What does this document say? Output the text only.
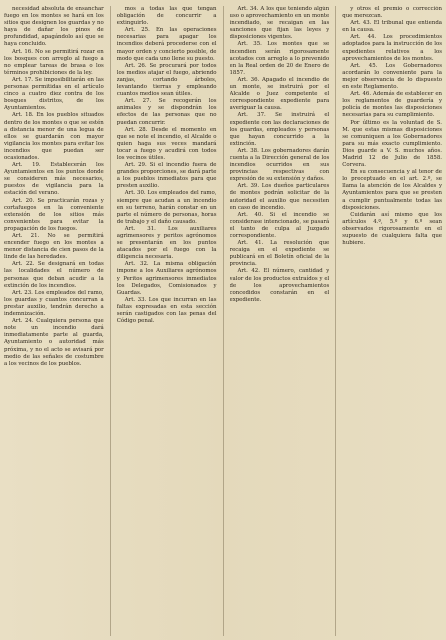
necesidad absoluta de ensanchar fuego en los montes se hará en los sitios que designen los guardas y no haya de dañar los pinos de profundidad, apagándolo así que se haya concluido.

Art. 16. No se permitirá rozar en los bosques con arreglo al fuego a no emplear tareas de brasa o los términos prohibiciones de la ley.

Art. 17. Se imposibilitarán en las personas permitidas en el artículo cinco a cuatro diez contra de los bosques distritos, de los Ayuntamientos.

Art. 18. En los pueblos situados dentro de los montes o que se estén a distancia menor de una legua de ellos se guardarán con mayor vigilancia los montes para evitar los incendios que puedan ser ocasionados.

Art. 19. Establecerán los Ayuntamientos en los puntos donde se consideren más necesarios, puestos de vigilancia para la estación del verano.

Art. 20. Se practicarán rozas y cortafuegos en la conveniente extensión de los sitios más convenientes para evitar la propagación de los fuegos.

Art. 21. No se permitirá encender fuego en los montes a menor distancia de cien pasos de la linde de las heredades.

Art. 22. Se designará en todas las localidades el número de personas que deban acudir a la extinción de los incendios.

Art. 23. Los empleados del ramo, los guardas y cuantos concurran a prestar auxilio, tendrán derecho a indemnización.

Art. 24. Cualquiera persona que note un incendio dará inmediatamente parte al guarda, Ayuntamiento o autoridad más próxima, y no el acto se avisará por medio de las señales de costumbre a los vecinos de los pueblos.

mos a todas las que tengan obligación de concurrir a extinguirlo.

Art. 25. En las operaciones necesarias para apagar los incendios deberá procederse con el mayor orden y concierto posible, de modo que cada uno llene su puesto.

Art. 26. Se procurará por todos los medios atajar el fuego, abriendo zanjas, cortando árboles, levantando tierras y empleando cuantos medios sean útiles.

Art. 27. Se recogerán los animales y se dispondrán los efectos de las personas que no puedan concurrir.

Art. 28. Desde el momento en que se note el incendio, el Alcalde o quien haga sus veces mandará tocar a fuego y acudirá con todos los vecinos útiles.

Art. 29. Si el incendio fuera de grandes proporciones, se dará parte a los pueblos inmediatos para que presten auxilio.

Art. 30. Los empleados del ramo, siempre que acudan a un incendio en su terreno, harán constar en un parte el número de personas, horas de trabajo y el daño causado.

Art. 31. Los auxiliares agrimensores y peritos agrónomos se presentarán en los puntos atacados por el fuego con la diligencia necesaria.

Art. 32. La misma obligación impone a los Auxiliares agrónomos y Peritos agrimensores inmediatos los Delegados, Comisionados y Guardas.

Art. 33. Los que incurran en las faltas expresadas en esta sección serán castigados con las penas del Código penal.

Art. 34. A los que teniendo algún uso o aprovechamiento en un monte incendiado, se recaigan en las sanciones que fijan las leyes y disposiciones vigentes.

Art. 35. Los montes que se incendien serán rigorosamente acotados con arreglo a lo prevenido en la Real orden de 20 de Enero de 1857.

Art. 36. Apagado el incendio de un monte, se instruirá por el Alcalde o Juez competente el correspondiente expediente para averiguar la causa.

Art. 37. Se instruirá el expediente con las declaraciones de los guardas, empleados y personas que hayan concurrido a la extinción.

Art. 38. Los gobernadores darán cuenta a la Dirección general de los incendios ocurridos en sus provincias respectivas con expresión de su extensión y daños.

Art. 39. Los dueños particulares de montes podrán solicitar de la autoridad el auxilio que necesiten en caso de incendio.

Art. 40. Si el incendio se considerase intencionado, se pasará el tanto de culpa al Juzgado correspondiente.

Art. 41. La resolución que recaiga en el expediente se publicará en el Boletín oficial de la provincia.

Art. 42. El número, cantidad y valor de los productos extraídos y el de los aprovechamientos concedidos constarán en el expediente.

y otros el premio o corrección que merezcan.

Art. 43. El tribunal que entienda en la causa.

Art. 44. Los procedimientos adoptados para la instrucción de los expedientes relativos a los aprovechamientos de los montes.

Art. 45. Los Gobernadores acordarán lo conveniente para la mejor observancia de lo dispuesto en este Reglamento.

Art. 46. Además de establecer en los reglamentos de guardería y policía de montes las disposiciones necesarias para su cumplimiento.

Por último es la voluntad de S. M. que estas mismas disposiciones se comuniquen a los Gobernadores para su más exacto cumplimiento. Dios guarde a V. S. muchos años. Madrid 12 de Julio de 1858. Corvera.

En su consecuencia y al tenor de lo preceptuado en el art. 2.º, se llama la atención de los Alcaldes y Ayuntamientos para que se presten a cumplir puntualmente todas las disposiciones.

Cuidarán así mismo que los artículos 4.º, 5.º y 6.º sean observados rigorosamente en el supuesto de cualquiera falta que hubiere.
